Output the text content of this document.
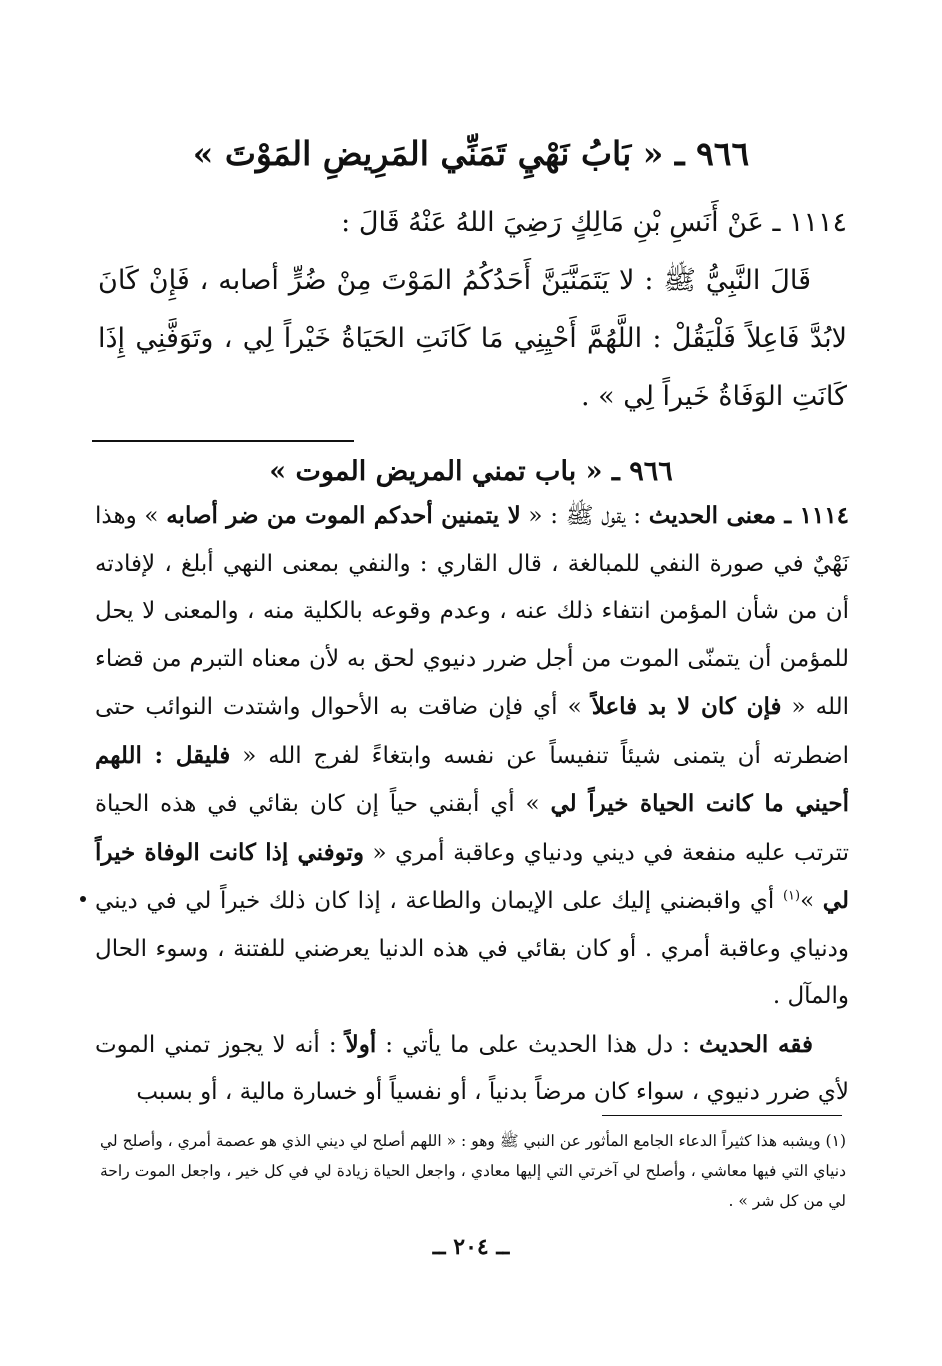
٩٦٦ ـ « بَابُ نَهْيِ تَمَنِّي المَرِيضِ المَوْتَ »

١١١٤ ـ عَنْ أَنَسِ بْنِ مَالِكٍ رَضِيَ اللهُ عَنْهُ قَالَ :

قَالَ النَّبِيُّ ﷺ : لا يَتَمَنَّيَنَّ أَحَدُكُمُ المَوْتَ مِنْ ضُرٍّ أصابه ، فَإِنْ كَانَ لابُدَّ فَاعِلاً فَلْيَقُلْ : اللَّهُمَّ أَحْيِنِي مَا كَانَتِ الحَيَاةُ خَيْراً لِي ، وتَوَفَّنِي إِذَا كَانَتِ الوَفَاةُ خَيراً لِي » .

٩٦٦ ـ « باب تمني المريض الموت »

١١١٤ ـ معنى الحديث : يقول ﷺ : « لا يتمنين أحدكم الموت من ضر أصابه » وهذا نَهْيٌ في صورة النفي للمبالغة ، قال القاري : والنفي بمعنى النهي أبلغ ، لإفادته أن من شأن المؤمن انتفاء ذلك عنه ، وعدم وقوعه بالكلية منه ، والمعنى لا يحل للمؤمن أن يتمنّى الموت من أجل ضرر دنيوي لحق به لأن معناه التبرم من قضاء الله « فإن كان لا بد فاعلاً » أي فإن ضاقت به الأحوال واشتدت النوائب حتى اضطرته أن يتمنى شيئاً تنفيساً عن نفسه وابتغاءً لفرج الله « فليقل : اللهم أحيني ما كانت الحياة خيراً لي » أي أبقني حياً إن كان بقائي في هذه الحياة تترتب عليه منفعة في ديني ودنياي وعاقبة أمري « وتوفني إذا كانت الوفاة خيراً لي »$^{(١)}$ أي واقبضني إليك على الإيمان والطاعة ، إذا كان ذلك خيراً لي في ديني ودنياي وعاقبة أمري . أو كان بقائي في هذه الدنيا يعرضني للفتنة ، وسوء الحال والمآل .

فقه الحديث : دل هذا الحديث على ما يأتي : أولاً : أنه لا يجوز تمني الموت لأي ضرر دنيوي ، سواء كان مرضاً بدنياً ، أو نفسياً أو خسارة مالية ، أو بسبب

(١) ويشبه هذا كثيراً الدعاء الجامع المأثور عن النبي ﷺ وهو : « اللهم أصلح لي ديني الذي هو عصمة أمري ، وأصلح لي دنياي التي فيها معاشي ، وأصلح لي آخرتي التي إليها معادي ، واجعل الحياة زيادة لي في كل خير ، واجعل الموت راحة لي من كل شر » .
ــ ٢٠٤ ــ
